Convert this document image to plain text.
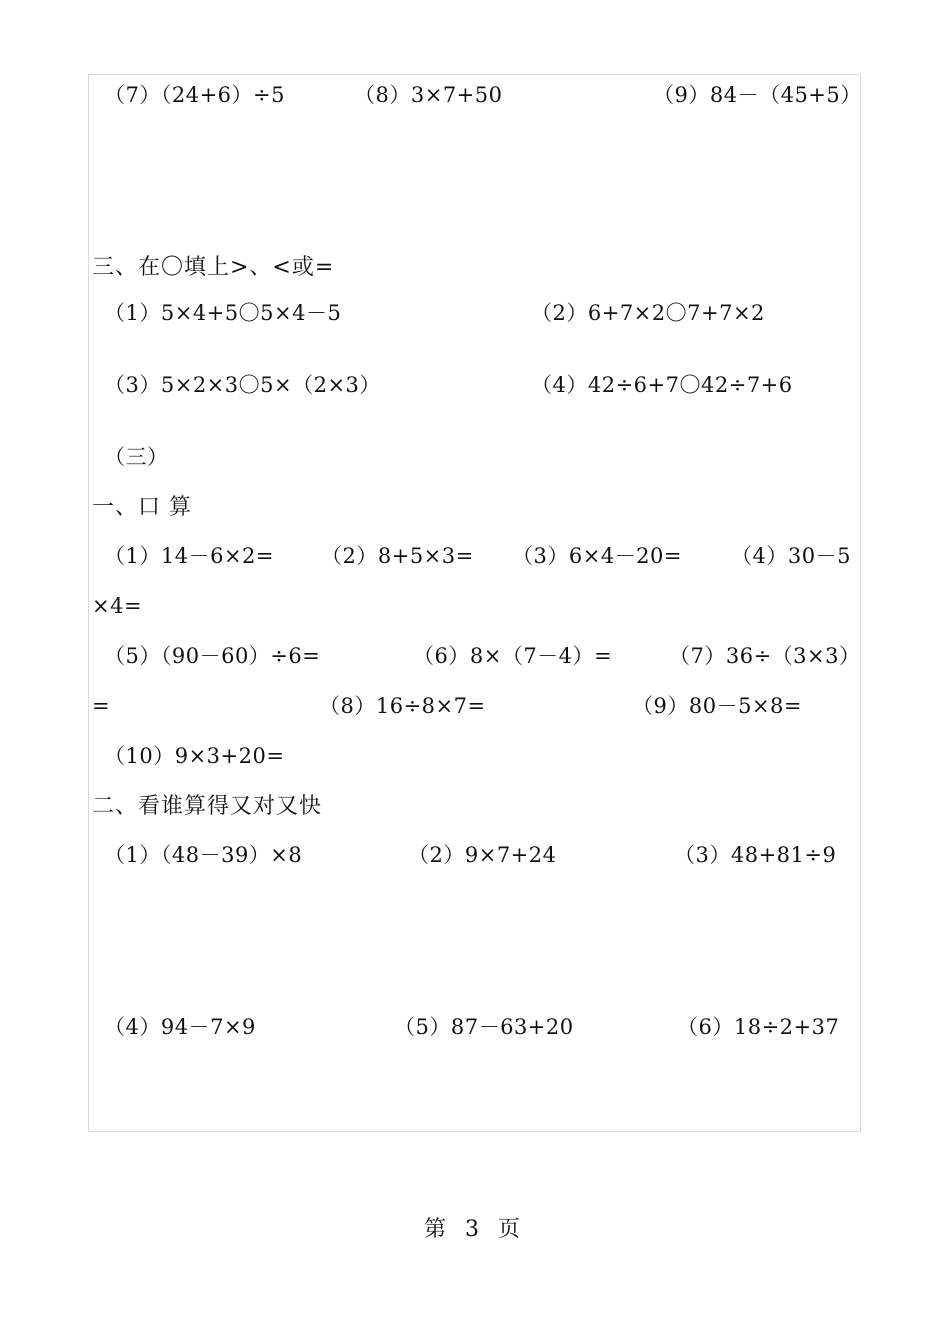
（7）（24+6）÷5	（8）3×7+50	（9）84－（45+5）
三、在〇填上>、<或=
（1）5×4+5〇5×4－5	（2）6+7×2〇7+7×2
（3）5×2×3〇5×（2×3）	（4）42÷6+7〇42÷7+6
（三）
一、口 算
（1）14－6×2= （2）8+5×3= （3）6×4－20= （4）30－5
×4=
（5）（90－60）÷6=	（6）8×（7－4）=	（7）36÷（3×3）
=	（8）16÷8×7=	（9）80－5×8=
（10）9×3+20=
二、看谁算得又对又快
（1）（48－39）×8	（2）9×7+24	（3）48+81÷9
（4）94－7×9	（5）87－63+20	（6）18÷2+37
第 3 页
